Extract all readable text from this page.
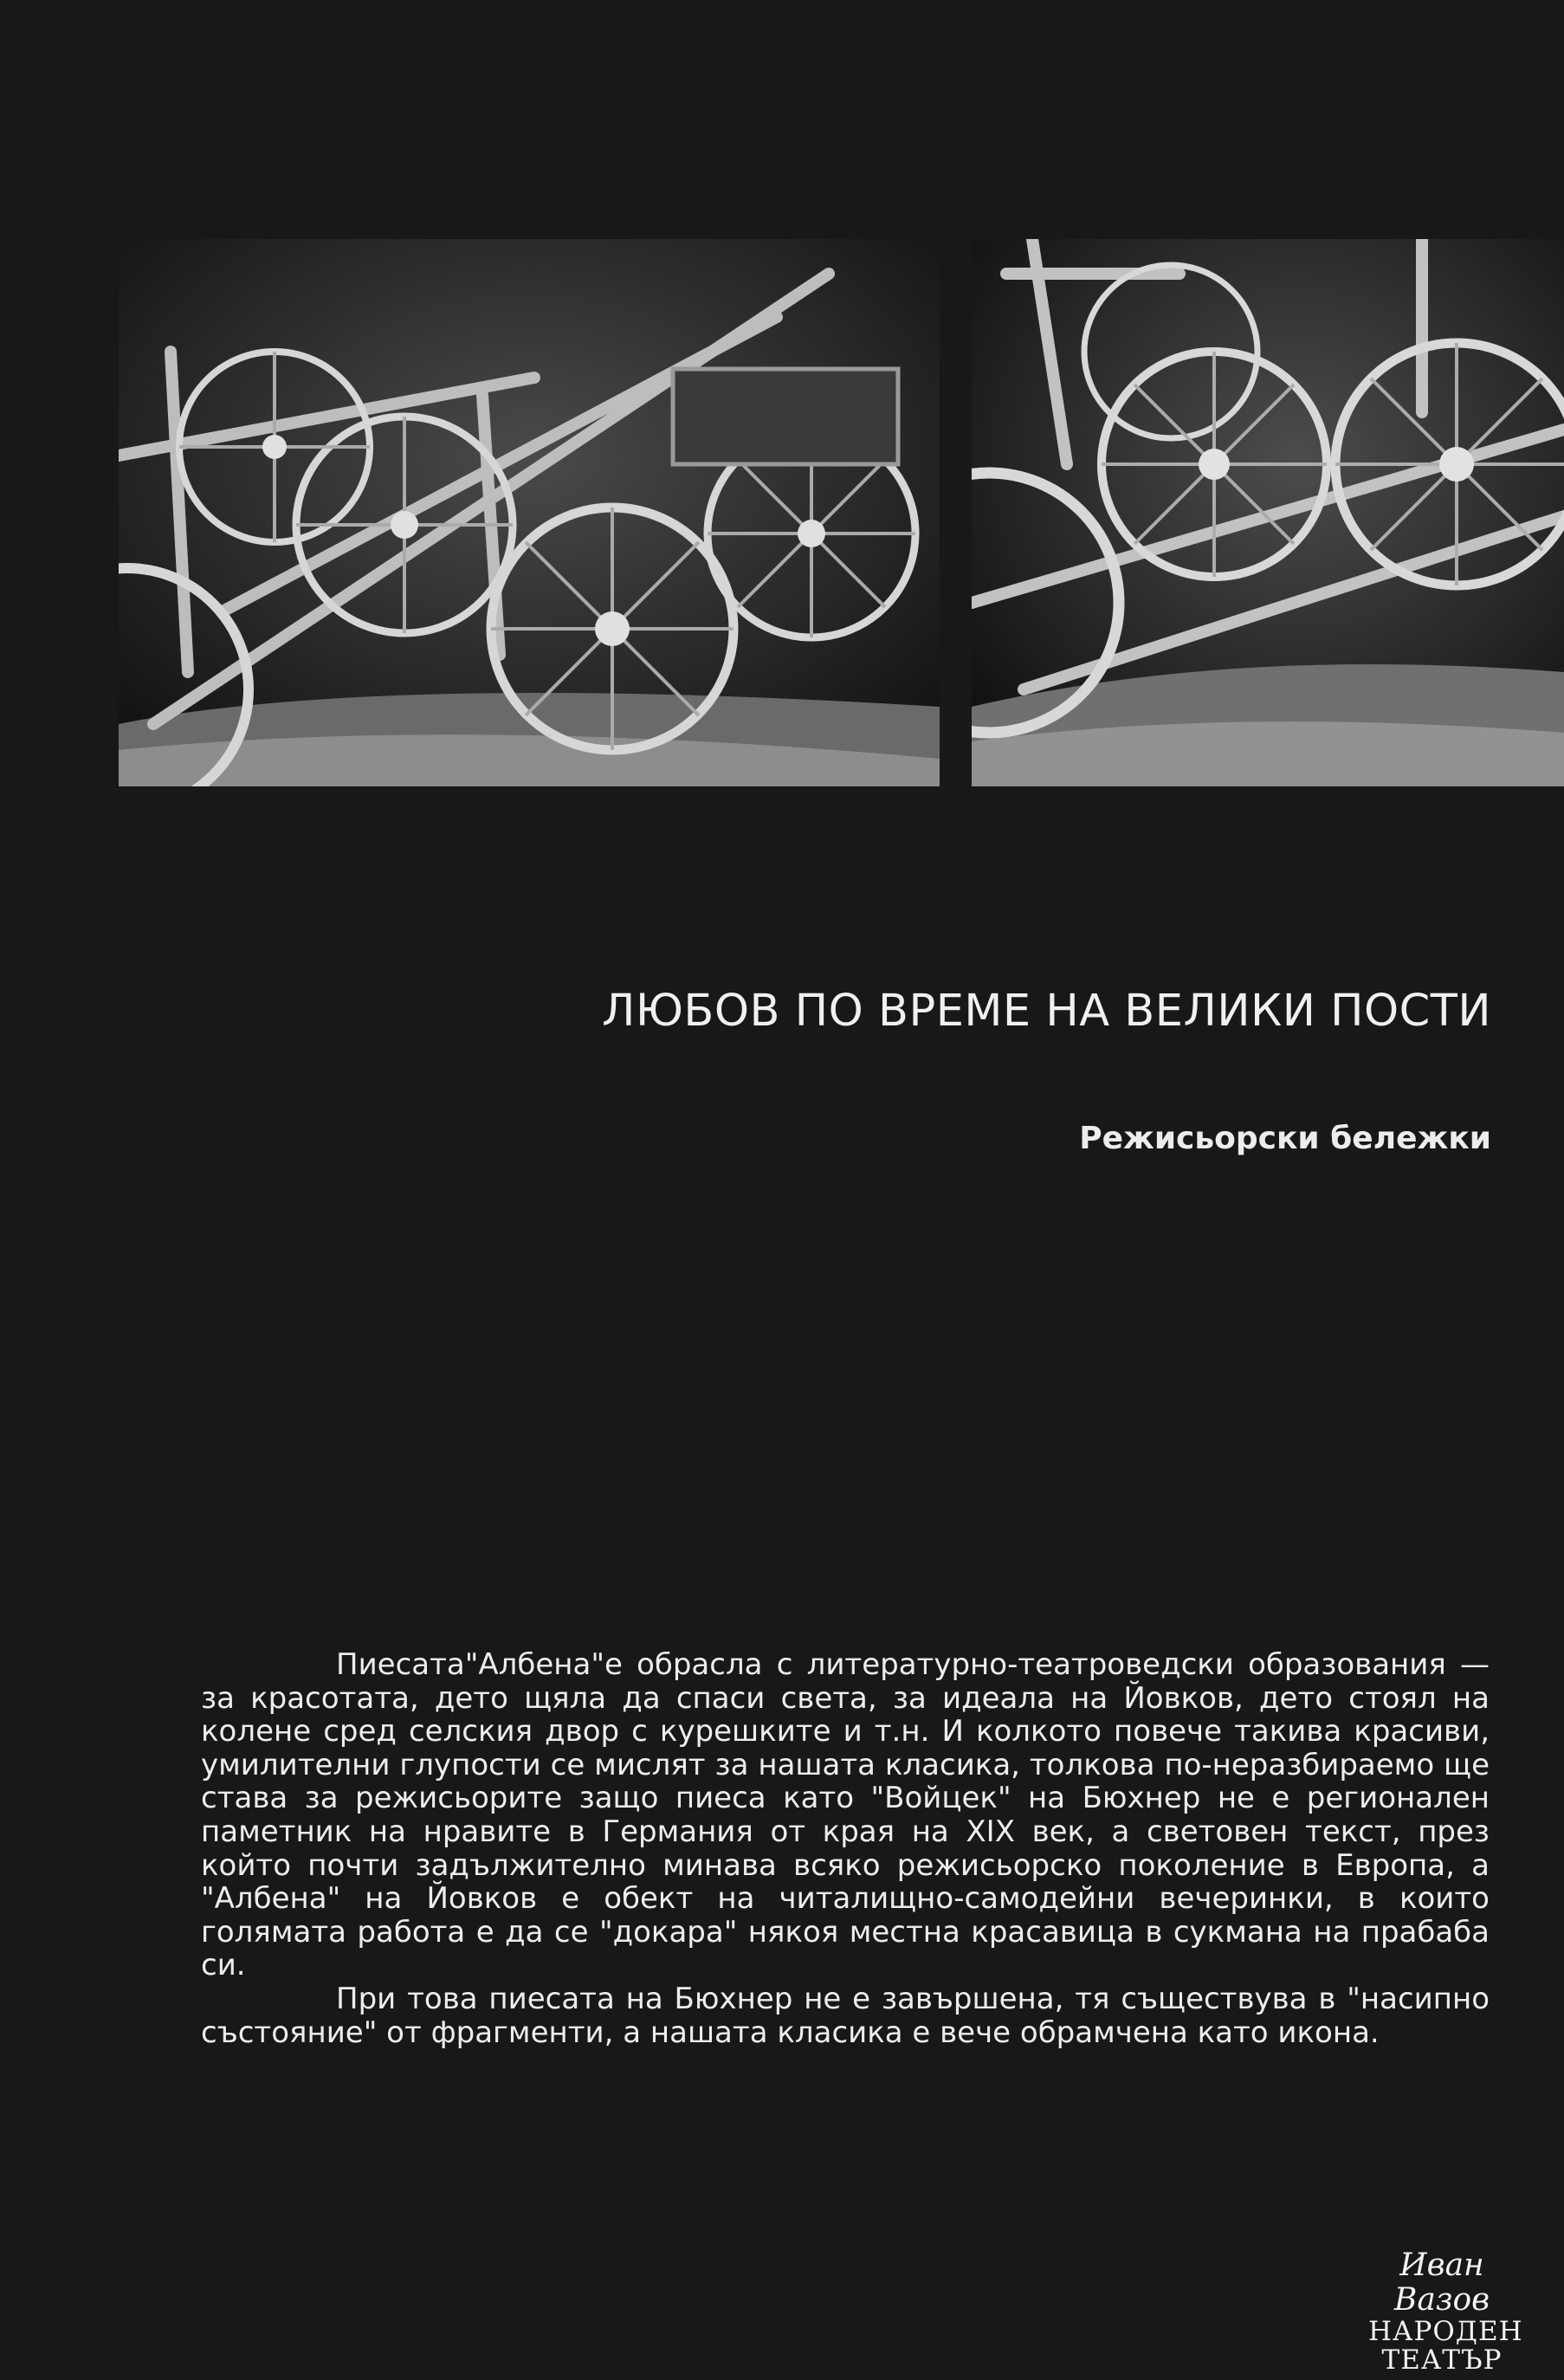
ЛЮБОВ ПО ВРЕМЕ НА ВЕЛИКИ ПОСТИ
Режисьорски бележки

Пиесата"Албена"е обрасла с литературно-театроведски образования — за красотата, дето щяла да спаси света, за идеала на Йовков, дето стоял на колене сред селския двор с курешките и т.н. И колкото повече такива красиви, умилителни глупости се мислят за нашата класика, толкова по-неразбираемо ще става за режисьорите защо пиеса като "Войцек" на Бюхнер не е регионален паметник на нравите в Германия от края на XIX век, а световен текст, през който почти задължително минава всяко режисьорско поколение в Европа, а "Албена" на Йовков е обект на читалищно-самодейни вечеринки, в които голямата работа е да се "докара" някоя местна красавица в сукмана на прабаба си.

При това пиесата на Бюхнер не е завършена, тя съществува в "насипно състояние" от фрагменти, а нашата класика е вече обрамчена като икона.

Иван Вазов
НАРОДЕН
ТЕАТЪР
